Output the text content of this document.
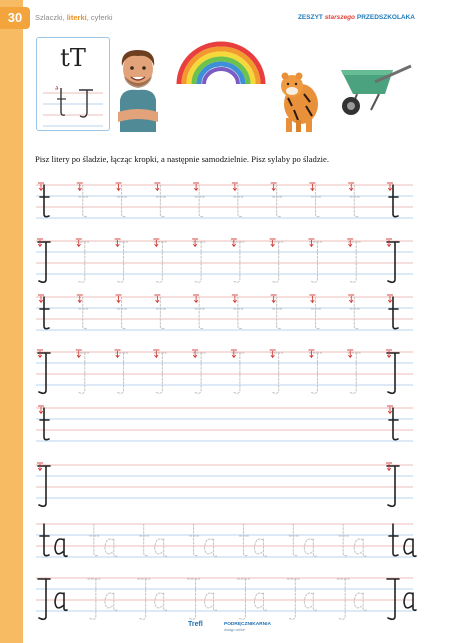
30	Szlaczki, literki, cyferki	ZESZYT starszego PRZEDSZKOLAKA
tT
Pisz litery po śladzie, łącząc kropki, a następnie samodzielnie. Pisz sylaby po śladzie.
Trefl	PODRĘCZNIKARNIA
dostęp online
